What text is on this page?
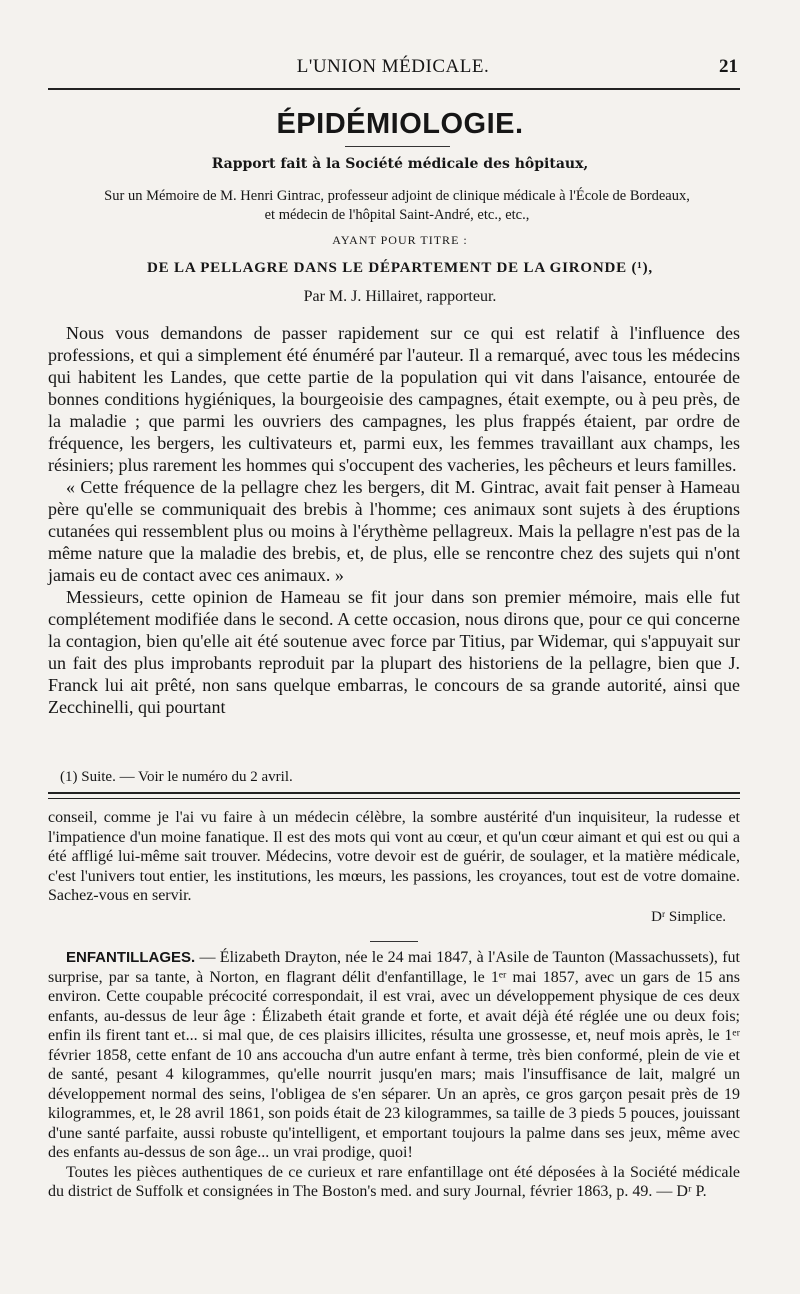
L'UNION MÉDICALE.	21
ÉPIDÉMIOLOGIE.
Rapport fait à la Société médicale des hôpitaux,
Sur un Mémoire de M. Henri Gintrac, professeur adjoint de clinique médicale à l'École de Bordeaux,
et médecin de l'hôpital Saint-André, etc., etc.,
AYANT POUR TITRE :
DE LA PELLAGRE DANS LE DÉPARTEMENT DE LA GIRONDE (¹),
Par M. J. Hillairet, rapporteur.

Nous vous demandons de passer rapidement sur ce qui est relatif à l'influence des professions, et qui a simplement été énuméré par l'auteur. Il a remarqué, avec tous les médecins qui habitent les Landes, que cette partie de la population qui vit dans l'aisance, entourée de bonnes conditions hygiéniques, la bourgeoisie des campagnes, était exempte, ou à peu près, de la maladie ; que parmi les ouvriers des campagnes, les plus frappés étaient, par ordre de fréquence, les bergers, les cultivateurs et, parmi eux, les femmes travaillant aux champs, les résiniers; plus rarement les hommes qui s'occupent des vacheries, les pêcheurs et leurs familles.

« Cette fréquence de la pellagre chez les bergers, dit M. Gintrac, avait fait penser à Hameau père qu'elle se communiquait des brebis à l'homme; ces animaux sont sujets à des éruptions cutanées qui ressemblent plus ou moins à l'érythème pellagreux. Mais la pellagre n'est pas de la même nature que la maladie des brebis, et, de plus, elle se rencontre chez des sujets qui n'ont jamais eu de contact avec ces animaux. »

Messieurs, cette opinion de Hameau se fit jour dans son premier mémoire, mais elle fut complétement modifiée dans le second. A cette occasion, nous dirons que, pour ce qui concerne la contagion, bien qu'elle ait été soutenue avec force par Titius, par Widemar, qui s'appuyait sur un fait des plus improbants reproduit par la plupart des historiens de la pellagre, bien que J. Franck lui ait prêté, non sans quelque embarras, le concours de sa grande autorité, ainsi que Zecchinelli, qui pourtant

(1) Suite. — Voir le numéro du 2 avril.

conseil, comme je l'ai vu faire à un médecin célèbre, la sombre austérité d'un inquisiteur, la rudesse et l'impatience d'un moine fanatique. Il est des mots qui vont au cœur, et qu'un cœur aimant et qui est ou qui a été affligé lui-même sait trouver. Médecins, votre devoir est de guérir, de soulager, et la matière médicale, c'est l'univers tout entier, les institutions, les mœurs, les passions, les croyances, tout est de votre domaine. Sachez-vous en servir.

Dʳ Simplice.

ENFANTILLAGES. — Élizabeth Drayton, née le 24 mai 1847, à l'Asile de Taunton (Massachussets), fut surprise, par sa tante, à Norton, en flagrant délit d'enfantillage, le 1ᵉʳ mai 1857, avec un gars de 15 ans environ. Cette coupable précocité correspondait, il est vrai, avec un développement physique de ces deux enfants, au-dessus de leur âge : Élizabeth était grande et forte, et avait déjà été réglée une ou deux fois; enfin ils firent tant et... si mal que, de ces plaisirs illicites, résulta une grossesse, et, neuf mois après, le 1ᵉʳ février 1858, cette enfant de 10 ans accoucha d'un autre enfant à terme, très bien conformé, plein de vie et de santé, pesant 4 kilogrammes, qu'elle nourrit jusqu'en mars; mais l'insuffisance de lait, malgré un développement normal des seins, l'obligea de s'en séparer. Un an après, ce gros garçon pesait près de 19 kilogrammes, et, le 28 avril 1861, son poids était de 23 kilogrammes, sa taille de 3 pieds 5 pouces, jouissant d'une santé parfaite, aussi robuste qu'intelligent, et emportant toujours la palme dans ses jeux, même avec des enfants au-dessus de son âge... un vrai prodige, quoi!

Toutes les pièces authentiques de ce curieux et rare enfantillage ont été déposées à la Société médicale du district de Suffolk et consignées in The Boston's med. and sury Journal, février 1863, p. 49. — Dʳ P.
